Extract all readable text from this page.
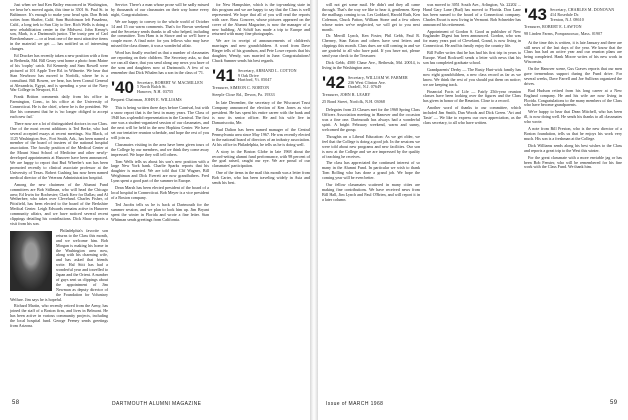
Just when we had Ken Bailey ensconced in Washington, we hear he's moved again, this time to 3501 St. Paul St. in Baltimore. It's enough to make your head spin. Don Brink writes from Shafter, Calif. Sam Hutchinson left Pasadena, Calif., a long trek to Sun City to live. Rich Wells is doing a new rehabilitation center in the Midwest. John Kenny's son, Mark, is a Dartmouth junior. The trusty pen of Carl Boeckenhauer — or at least one of the most attractive items in the material we get — has notified us of interesting changes.

Ed Drucker has recently taken a new position with a firm in Bethesda, Md. Bill Geary sent home a photo from Maine of his 'trophy' catch. Ed Kennedy and Sam Rowell were pictured at 101 Apple Tree Rd. in Wilmette. We hear that Stan Newbrow has moved to Norfolk, where he is a consultant. Bill Bowen, we hear, has been Consul General at Alexandria, Egypt, and is spending a year at the Navy War College in Newport, R.I.

Frank Britton comments daily from his office in Farmington, Conn., in his office at the University of Connecticut. He is the chief, where he is the president. We like his comment that he is 'no longer obliged to accept each new fad.'

There now are a lot of distinguished doctors in our Class. One of the most recent additions is Ted Berke, who had several accepted essays at recent meetings. Stu Black, of 1125 Washington Ave., Fort Smith, Ark., has been named a member of the board of trustees of the national hospital association. The faculty position of the Medical Center at the Mount Sinai School of Medicine and other newly-developed appointments at Hanover have been announced. We are happy to report that Bud Wheeler's son has been promoted recently to clinical associate professor at the University of Texas. Robert Cushing has now been named medical director of the Veterans Administration hospital.

Among the new chairmen of the Alumni Fund committees are Bob Stillman, who will head the Chicago area; Ed Irwin for Rochester; Clark Kerr for Dallas; and Al Wetherbee, who takes over Cleveland. Charles Fisher, of Pittsfield, has been elected to the board of the Berkshire Medical Center. Leigh Edwards remains active in Hanover community affairs, and we have noticed several recent clippings detailing his contributions. Dick Shaw reports a visit from his son.

Philadelphia's favorite son returns to the Class this month, and we welcome him. Bob Morgan is making his home in the Washington area now, along with his charming wife, and has asked that friends write. Hal Stitt has had a wonderful year and travelled to Japan and the Orient. A number of guys sent us clippings about the appointment of Jim Newman as deputy director of the Foundation for Voluntary Welfare. Jim says he is hopeful.

Richard Martin, who recently retired from the Army, has joined the staff of a Boston firm, and lives in Belmont. He has been active in various community projects, including the local hospital fund. George Feeney sends greetings from Arizona.

Service. There's a man whose prose will be sadly missed by thousands of our classmates on their way home every night, Congratulations.

We are happy to convey to the whole world of October 14 and 15 our warm comments. That's for Brown weekend and the Secretary sends thanks to all who helped, including the committee. Tom Ham is in Stowe and so we'll have a couple more. A final note: for you fellows who may have missed the class dinner, it was a wonderful affair.

Word has finally reached us that a number of classmates are reporting on their children. The Secretary asks, so that we can all share, that you send along any news you have of the sons and daughters now at Dartmouth. A few of us remember that Dick Whalen has a son in the class of '71.

'40 Secretary, ROBERT W. MACMILLEN
5 North Balch St.
Hanover, N.H. 03755
Bequest Chairman, JOHN E. WILLIAMS

This is being written three days before Carnival, but with a snow report that is the best in many years. The Class of 1940 has a splendid representation in the Carnival. The first one was a student-organized session of our classmates, and the next will be held in the new Hopkins Center. We have set our tentative reunion schedule, and hope the rest of you will join us.

Classmates visiting in the area have been given tours of the College by our members, and we think they come away impressed. We hope they will tell others.

Tom Wells tells us about his son's new position with a large New York bank. Charlie Sparks reports that his daughter is married. We are told that Clif Wagner, Bill Weightman and Dick Everett are now grandfathers. Fred Lynn spent a good part of the summer in Europe.

Dean Marsh has been elected president of the board of a local hospital in Connecticut. Bob Meyer is a vice president of a Boston company.

Ted Jacobs tells us he is back at Dartmouth for the summer session, and we plan to look him up. Jim Bryant spent the winter in Florida and wrote a fine letter. Stan Whitman sends greetings from California.

for New Hampshire, which is the top-ranking state in this program and we are happy to say that the Class is well represented. We hope that all of you will read the reports with care. Russ Conover, whose pictures appeared on the cover of the Alumni Magazine, is now the manager of a new building. Al Schiff has made a trip to Europe and returned with many fine photographs.

We are in receipt of announcements of children's marriages and new grandchildren. A word from Dave Rieger tells of his grandson, and Pete Lowe reports that his daughter, Wendy, was married in June. Congratulations! Chuck Sumner sends his best regards.

'41 Secretary, ARMAND L. COTTON
9 Oak Drive
Hartford, Vt. 05047
Treasurer, SIMEON C. NORTON
Steeple Close Rd., Devon, Pa. 19333

In late December, the secretary of the Wiscasset Trust Company announced the election of Ken Jones as vice president. He has spent his entire career with the bank and is now its senior officer. He and his wife live in Damariscotta, Me.

Bud Dalton has been named manager of the Central Pennsylvania area since May 1967. He was recently elected to the national board of directors of an industry association. At his office in Philadelphia, he tells us he is doing well.

A story in the Boston Globe in late 1968 about the record-setting alumni fund performance, with 98 percent of the goal raised, caught our eye. We are proud of our classmates' participation.

One of the items in the mail this month was a letter from Bob Carter, who has been traveling widely in Asia and sends his best.

58	DARTMOUTH ALUMNI MAGAZINE

will not get some mail. He didn't and they all came through. That's the way we like to hear it, gentlemen. Keep the mailbags coming to us. Les Goddard, Harold Ruth, Ken Coleman, Chuck Patton, William Stone and a few others whose notes we've neglected, we will get to you next month.

Dr. Merrill Lynch, Ken Foster, Phil Gebb, Paul R. Cherney, Stan Eaton and others have sent letters and clippings this month. Class dues are still coming in and we are grateful to all who have paid. If you have not, please send your check to the Treasurer.

Dick Gebb, 4500 Chase Ave., Bethesda, Md. 20014, is living in the Washington area.

'42 Secretary, WILLIAM W. FARMER
236 West Clinton Ave.
Oradell, N.J. 07649
Treasurer, JOHN R. LEARY
25 Bond Street, Norfolk, N.H. 03068

Delegates from 23 Classes met for the 1968 Spring Class Officers Association meeting in Hanover and the occasion was a fine one. Dartmouth has always had a wonderful spirit. A bright February weekend, warm and sunny, welcomed the group.

Thoughts on a Liberal Education: As we get older, we feel that the College is doing a good job. In the sessions we were told about new programs and new facilities. Our son is now at the College and we are impressed by the quality of teaching he receives.

The class has appreciated the continued interest of so many in the Alumni Fund. In particular we wish to thank Tom Bolling who has done a grand job. We hope the coming year will be even better.

Our fellow classmates scattered in many cities are making fine contributions. We have received news from Bill Hall, Jim Lynch and Paul O'Brien, and will report it in a later column.

was moved to 3051 South Ave., Arlington, Va. 22202 ... Hand Gary Lane (Bud) has moved to Florida. Don Lane has been named to the board of a Connecticut company. Charles Ewart is now living in Vermont. Bob Schneider has announced his retirement.

Appointment of Gordon S. Good as publisher of New Englander Digest has been announced. Gordon, who was for many years part of Cleveland, Grand, is now living in Connecticut. He and his family enjoy the country life.

Bill Fuller writes that he has had his first trip in years to Europe. Ward Rockwell sends a letter with news that his son has completed graduate school.

Grandparents' Derby — The Rusty Hart-wick family has now eight grandchildren, a new class record as far as we know. We think the rest of you should put them on notice; we are keeping track.

Financial Facts of Life — Fairly 25th-year reunion classes have been looking over the figures and the Class has given in honor of the Reunion. Close to a record.

Another word of thanks to our committee, which included Jim Smith, Dan Woods and Dick Green. 'Art and Taste' — We like to express our own appreciation, as the class secretary, to all who have written.

'43 Secretary, CHARLES M. DONOVAN
414 Rosedale Dr.
Trenton, N.J. 08610
Treasurer, ROBERT E. LAWTON
98 Linden Farms, Pompanoosuc, Mass. 01907

At the time this is written, it is late January and there are still news of the last days of the year. We know that the Class has had an active year and our reunion plans are being completed. Hank Moore writes of his new work in Wisconsin.

On the Hanover scene, Gus Graves reports that our men gave tremendous support during the Fund drive. For several weeks, Dave Farrell and Joe Sullivan organized the drives.

Bud Hudson retired from his long career at a New England company. He and his wife are now living in Florida. Congratulations to the many members of the Class who have become grandparents.

We're happy to hear that Dean Mitchell, who has been ill, is now doing well. He sends his thanks to all classmates who wrote.

A note from Bill Preston, who is the new director of a Boston foundation, tells us that he enjoys his work very much. His son is a freshman at the College.

Dick Williams sends along his best wishes to the Class and reports a great trip to the West this winter.

For the great classmate with a more enviable jag or has been Bob Fenster, who will be remembered for his fine work with the Class Fund. We thank him.

Issue of MARCH 1968	59
